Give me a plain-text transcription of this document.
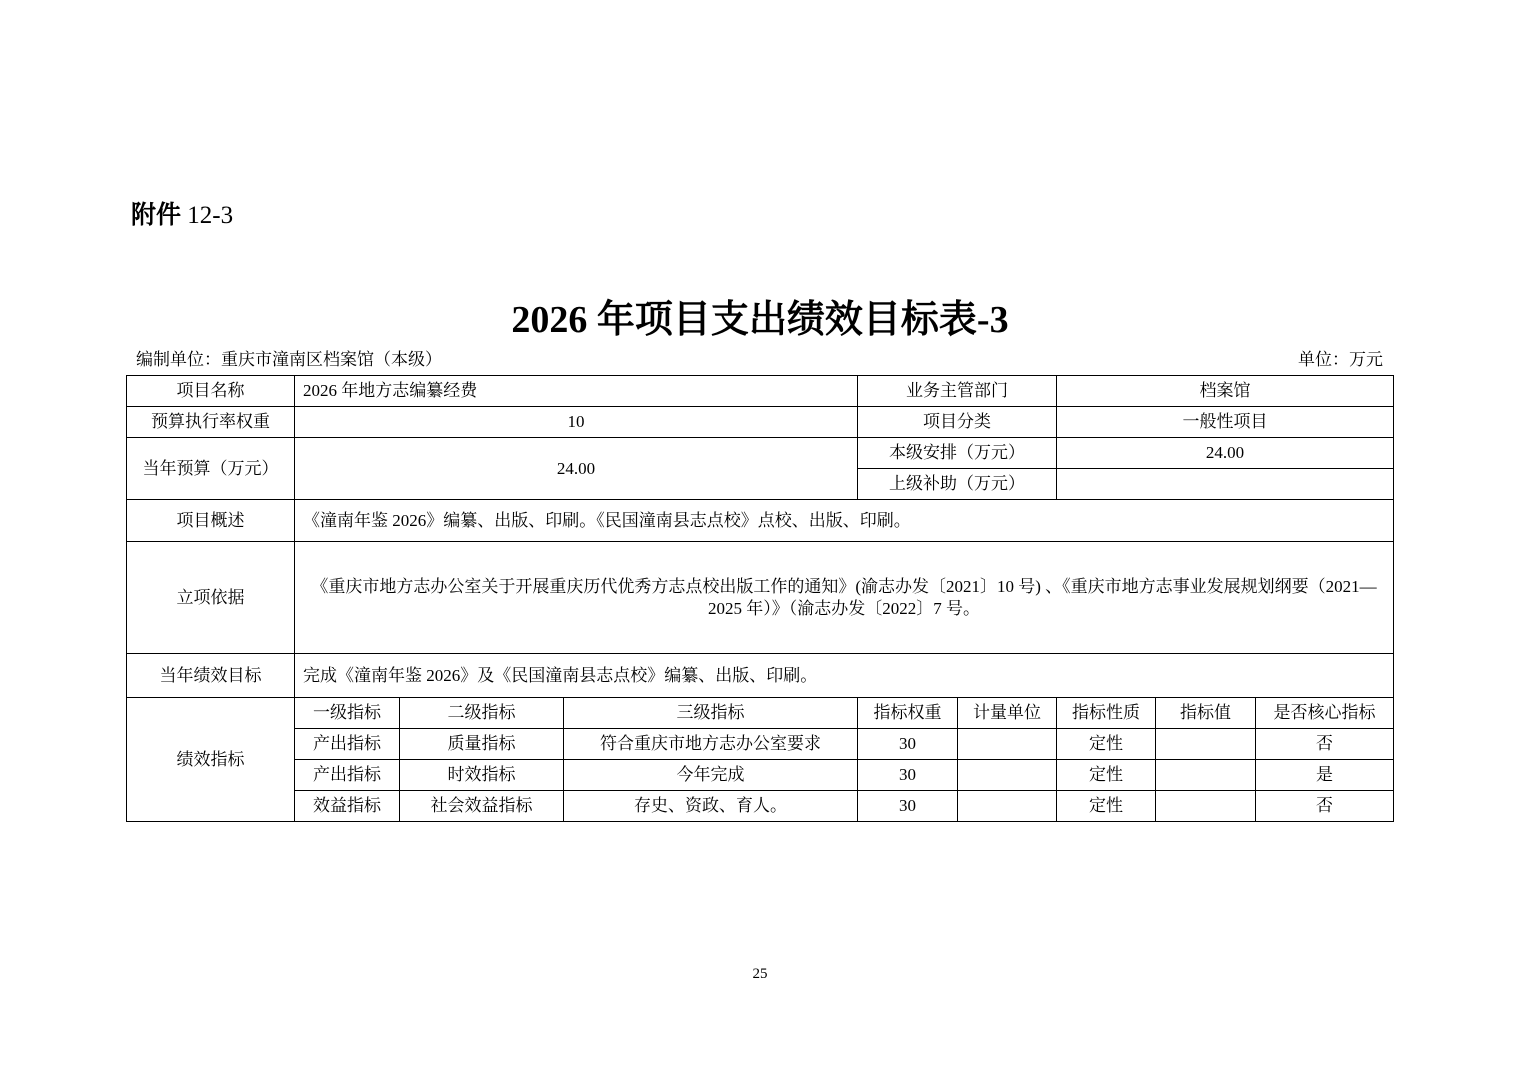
附件 12-3
2026 年项目支出绩效目标表-3
编制单位：重庆市潼南区档案馆（本级）	单位：万元
项目名称	2026 年地方志编纂经费			业务主管部门		档案馆		
预算执行率权重	10			项目分类		一般性项目		
当年预算（万元）	24.00			本级安排（万元）		24.00		
				上级补助（万元）				
项目概述	《潼南年鉴 2026》编纂、出版、印刷。《民国潼南县志点校》点校、出版、印刷。							
立项依据	《重庆市地方志办公室关于开展重庆历代优秀方志点校出版工作的通知》(渝志办发〔2021〕10 号) 、《重庆市地方志事业发展规划纲要（2021—2025 年）》（渝志办发〔2022〕7 号。							
当年绩效目标	完成《潼南年鉴 2026》及《民国潼南县志点校》编纂、出版、印刷。							
绩效指标	一级指标	二级指标	三级指标	指标权重	计量单位	指标性质	指标值	是否核心指标
	产出指标	质量指标	符合重庆市地方志办公室要求	30		定性		否
	产出指标	时效指标	今年完成	30		定性		是
	效益指标	社会效益指标	存史、资政、育人。	30		定性		否
25
